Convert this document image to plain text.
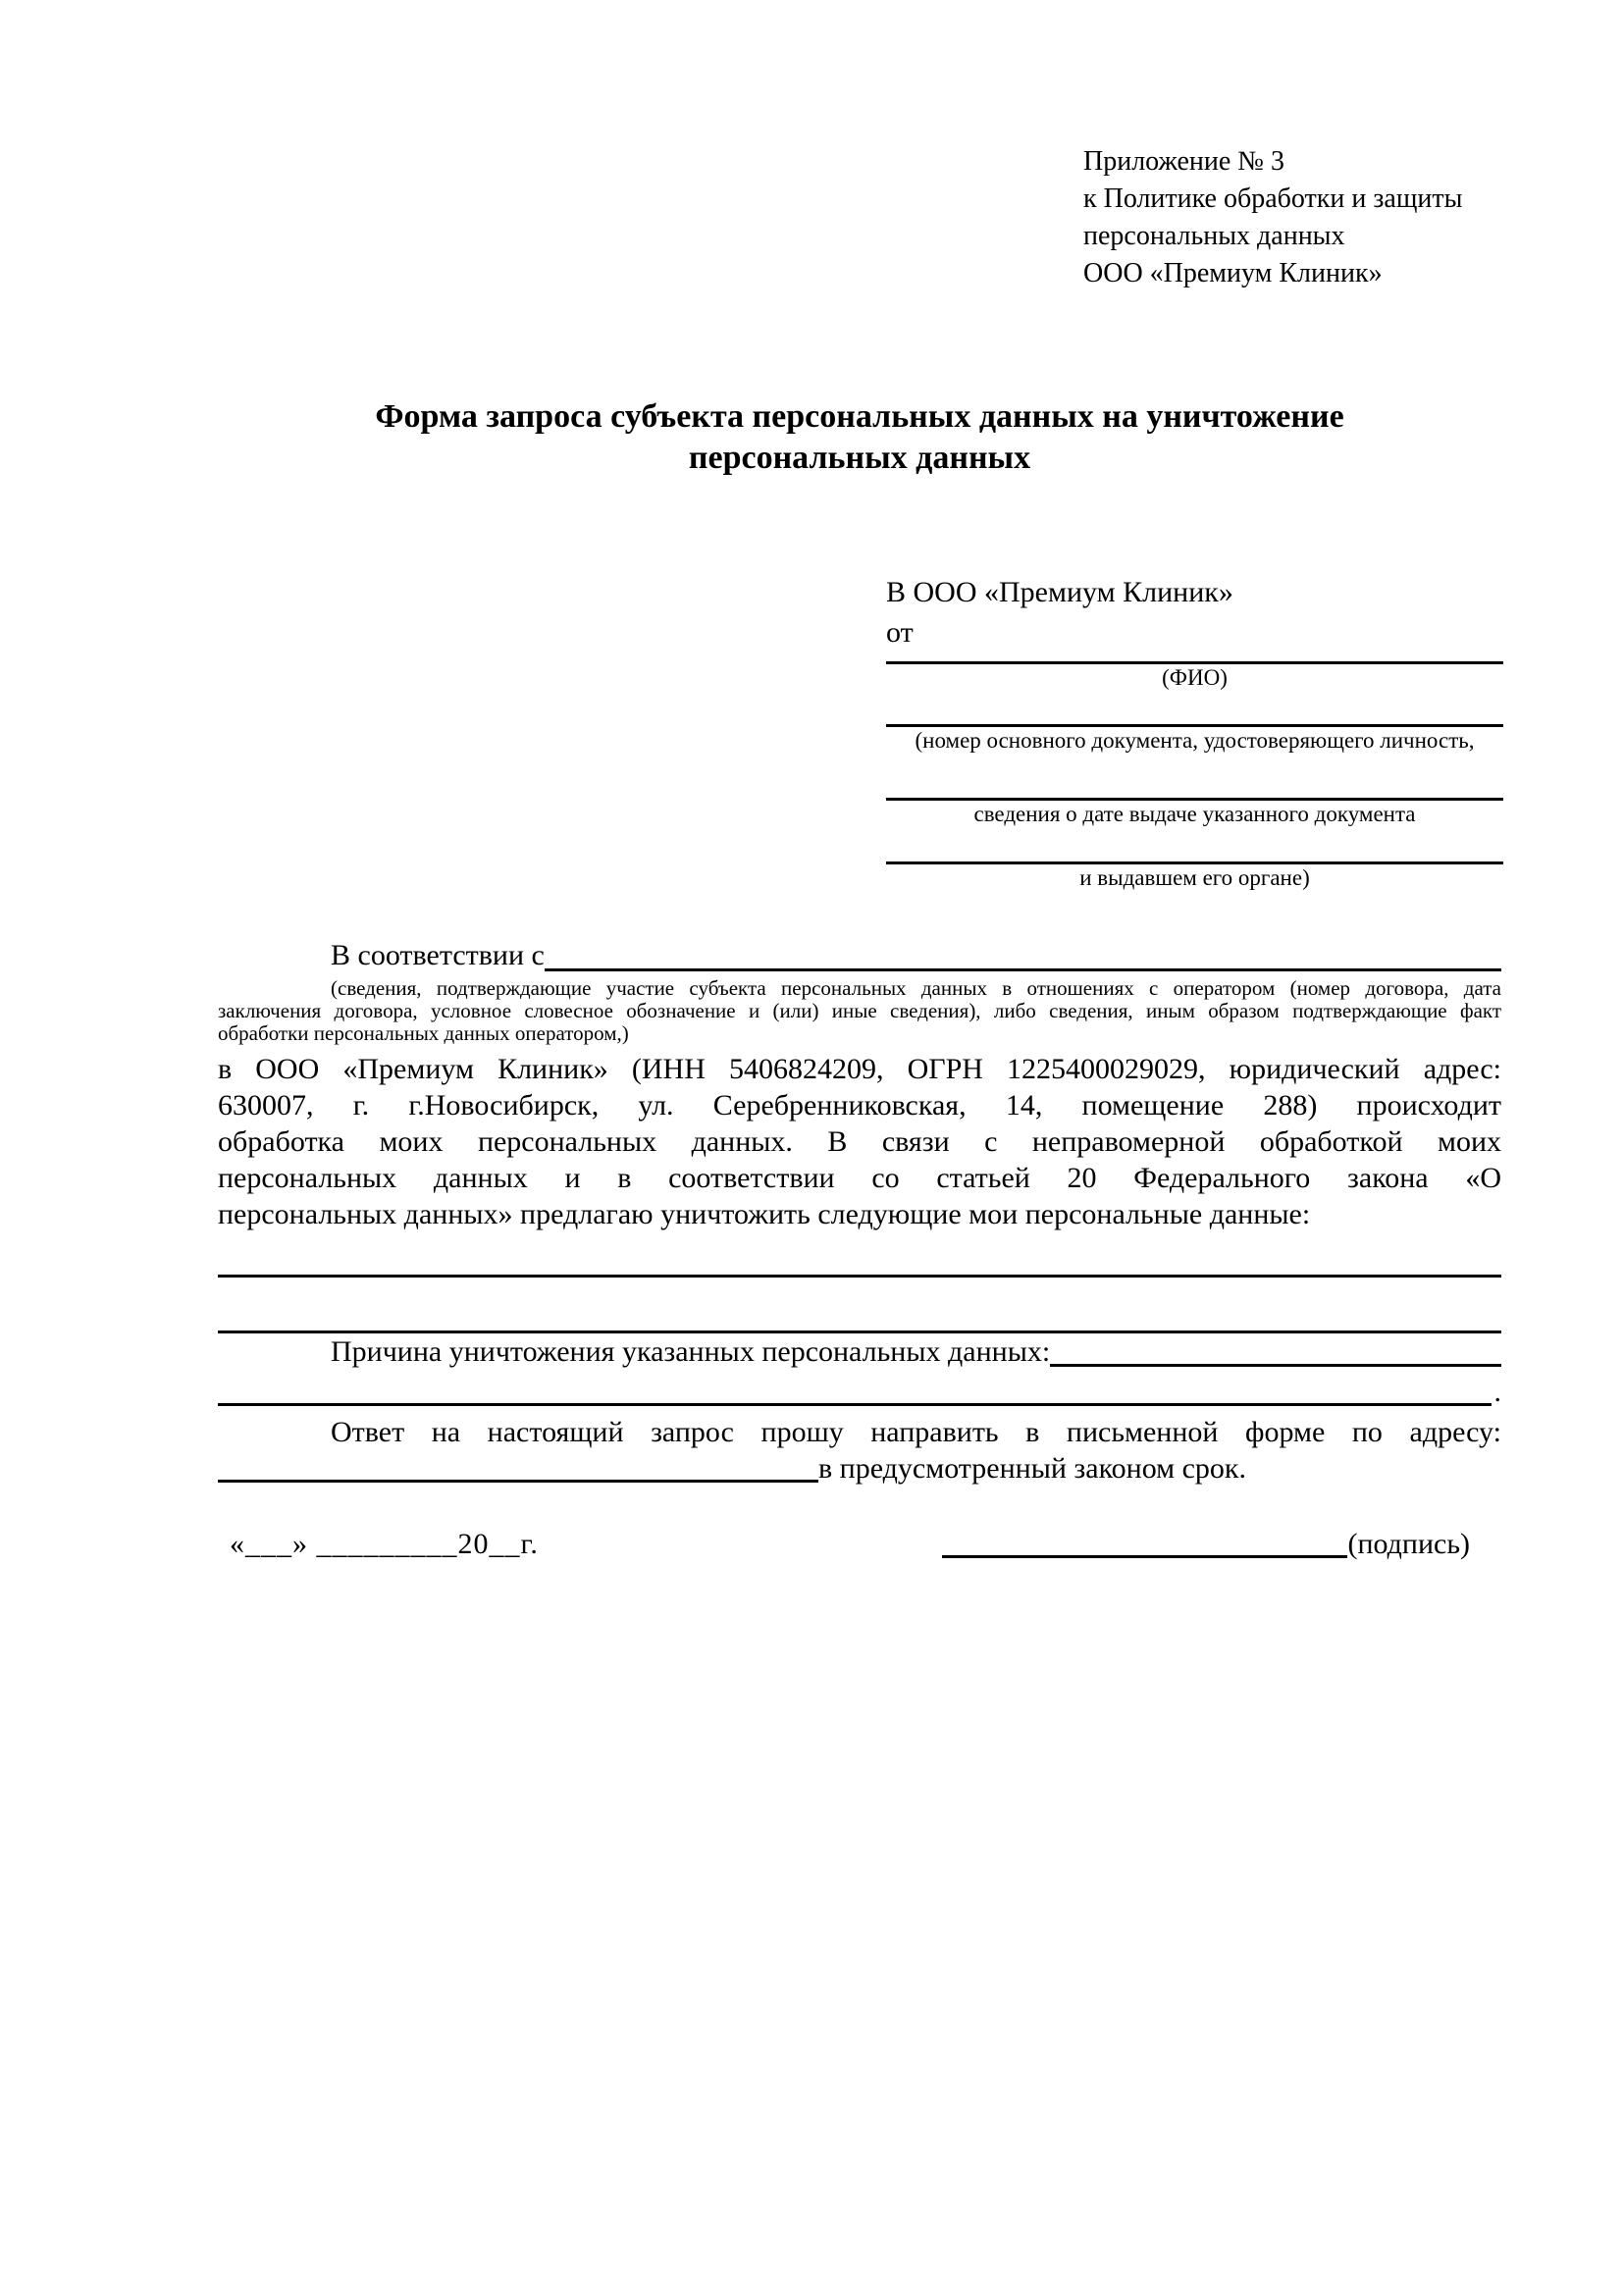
Приложение № 3
к Политике обработки и защиты
персональных данных
ООО «Премиум Клиник»
Форма запроса субъекта персональных данных на уничтожение
персональных данных
В ООО «Премиум Клиник»
от
(ФИО)
(номер основного документа, удостоверяющего личность,
сведения о дате выдаче указанного документа
и выдавшем его органе)
В соответствии с
(сведения, подтверждающие участие субъекта персональных данных в отношениях с оператором (номер договора, дата
заключения договора, условное словесное обозначение и (или) иные сведения), либо сведения, иным образом подтверждающие факт
обработки персональных данных оператором,)
в ООО «Премиум Клиник» (ИНН 5406824209, ОГРН 1225400029029, юридический адрес:
630007, г. г.Новосибирск, ул. Серебренниковская, 14, помещение 288) происходит
обработка моих персональных данных. В связи с неправомерной обработкой моих
персональных данных и в соответствии со статьей 20 Федерального закона «О
персональных данных» предлагаю уничтожить следующие мои персональные данные:
Причина уничтожения указанных персональных данных:
.
Ответ на настоящий запрос прошу направить в письменной форме по адресу:
в предусмотренный законом срок.
«___» _________20__г.	(подпись)
